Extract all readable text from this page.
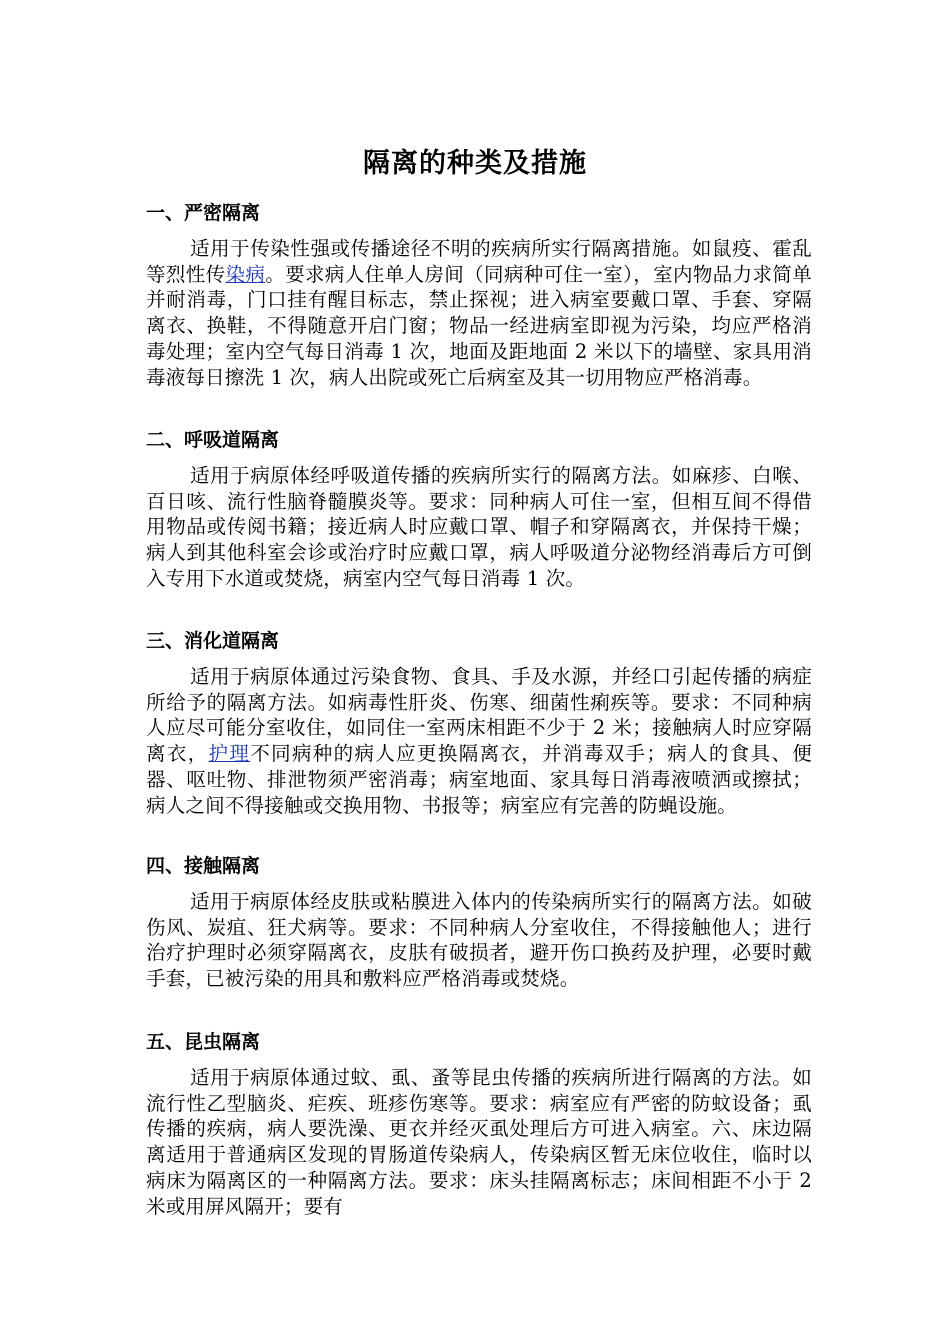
隔离的种类及措施
一、严密隔离

适用于传染性强或传播途径不明的疾病所实行隔离措施。如鼠疫、霍乱等烈性传染病。要求病人住单人房间（同病种可住一室），室内物品力求简单并耐消毒，门口挂有醒目标志，禁止探视；进入病室要戴口罩、手套、穿隔离衣、换鞋，不得随意开启门窗；物品一经进病室即视为污染，均应严格消毒处理；室内空气每日消毒 1 次，地面及距地面 2 米以下的墙壁、家具用消毒液每日擦洗 1 次，病人出院或死亡后病室及其一切用物应严格消毒。

二、呼吸道隔离

适用于病原体经呼吸道传播的疾病所实行的隔离方法。如麻疹、白喉、百日咳、流行性脑脊髓膜炎等。要求：同种病人可住一室，但相互间不得借用物品或传阅书籍；接近病人时应戴口罩、帽子和穿隔离衣，并保持干燥；病人到其他科室会诊或治疗时应戴口罩，病人呼吸道分泌物经消毒后方可倒入专用下水道或焚烧，病室内空气每日消毒 1 次。

三、消化道隔离

适用于病原体通过污染食物、食具、手及水源，并经口引起传播的病症所给予的隔离方法。如病毒性肝炎、伤寒、细菌性痢疾等。要求：不同种病人应尽可能分室收住，如同住一室两床相距不少于 2 米；接触病人时应穿隔离衣，护理不同病种的病人应更换隔离衣，并消毒双手；病人的食具、便器、呕吐物、排泄物须严密消毒；病室地面、家具每日消毒液喷洒或擦拭；病人之间不得接触或交换用物、书报等；病室应有完善的防蝇设施。

四、接触隔离

适用于病原体经皮肤或粘膜进入体内的传染病所实行的隔离方法。如破伤风、炭疽、狂犬病等。要求：不同种病人分室收住，不得接触他人；进行治疗护理时必须穿隔离衣，皮肤有破损者，避开伤口换药及护理，必要时戴手套，已被污染的用具和敷料应严格消毒或焚烧。

五、昆虫隔离

适用于病原体通过蚊、虱、蚤等昆虫传播的疾病所进行隔离的方法。如流行性乙型脑炎、疟疾、班疹伤寒等。要求：病室应有严密的防蚊设备；虱传播的疾病，病人要洗澡、更衣并经灭虱处理后方可进入病室。六、床边隔离适用于普通病区发现的胃肠道传染病人，传染病区暂无床位收住，临时以病床为隔离区的一种隔离方法。要求：床头挂隔离标志；床间相距不小于 2 米或用屏风隔开；要有
